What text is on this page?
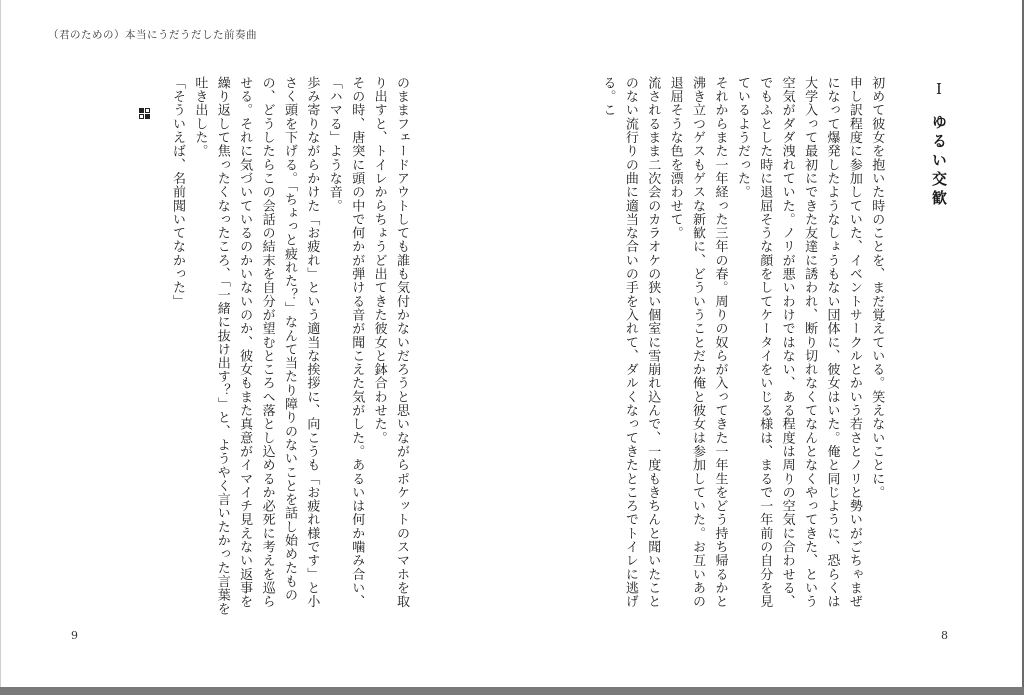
（君のための）本当にうだうだした前奏曲
Ⅰゆるい交歓

初めて彼女を抱いた時のことを、まだ覚えている。笑えないことに。

申し訳程度に参加していた、イベントサークルとかいう若さとノリと勢いがごちゃまぜになって爆発したようなしょうもない団体に、彼女はいた。俺と同じように、恐らくは大学入って最初にできた友達に誘われ、断り切れなくてなんとなくやってきた、という空気がダダ洩れていた。ノリが悪いわけではない、ある程度は周りの空気に合わせる、でもふとした時に退屈そうな顔をしてケータイをいじる様は、まるで一年前の自分を見ているようだった。

それからまた一年経った三年の春。周りの奴らが入ってきた一年生をどう持ち帰るかと沸き立つゲスもゲスな新歓に、どういうことだか俺と彼女は参加していた。お互いあの退屈そうな色を漂わせて。

流されるまま二次会のカラオケの狭い個室に雪崩れ込んで、一度もきちんと聞いたことのない流行りの曲に適当な合いの手を入れて、ダルくなってきたところでトイレに逃げる。こ

8

のままフェードアウトしても誰も気付かないだろうと思いながらポケットのスマホを取り出すと、トイレからちょうど出てきた彼女と鉢合わせた。

その時、唐突に頭の中で何かが弾ける音が聞こえた気がした。あるいは何か噛み合い、「ハマる」ような音。

歩み寄りながらかけた「お疲れ」という適当な挨拶に、向こうも「お疲れ様です」と小さく頭を下げる。「ちょっと疲れた？」なんて当たり障りのないことを話し始めたものの、どうしたらこの会話の結末を自分が望むところへ落とし込めるか必死に考えを巡らせる。それに気づいているのかいないのか、彼女もまた真意がイマイチ見えない返事を繰り返して焦ったくなったころ、「一緒に抜け出す？」と、ようやく言いたかった言葉を吐き出した。

「そういえば、名前聞いてなかった」

9
